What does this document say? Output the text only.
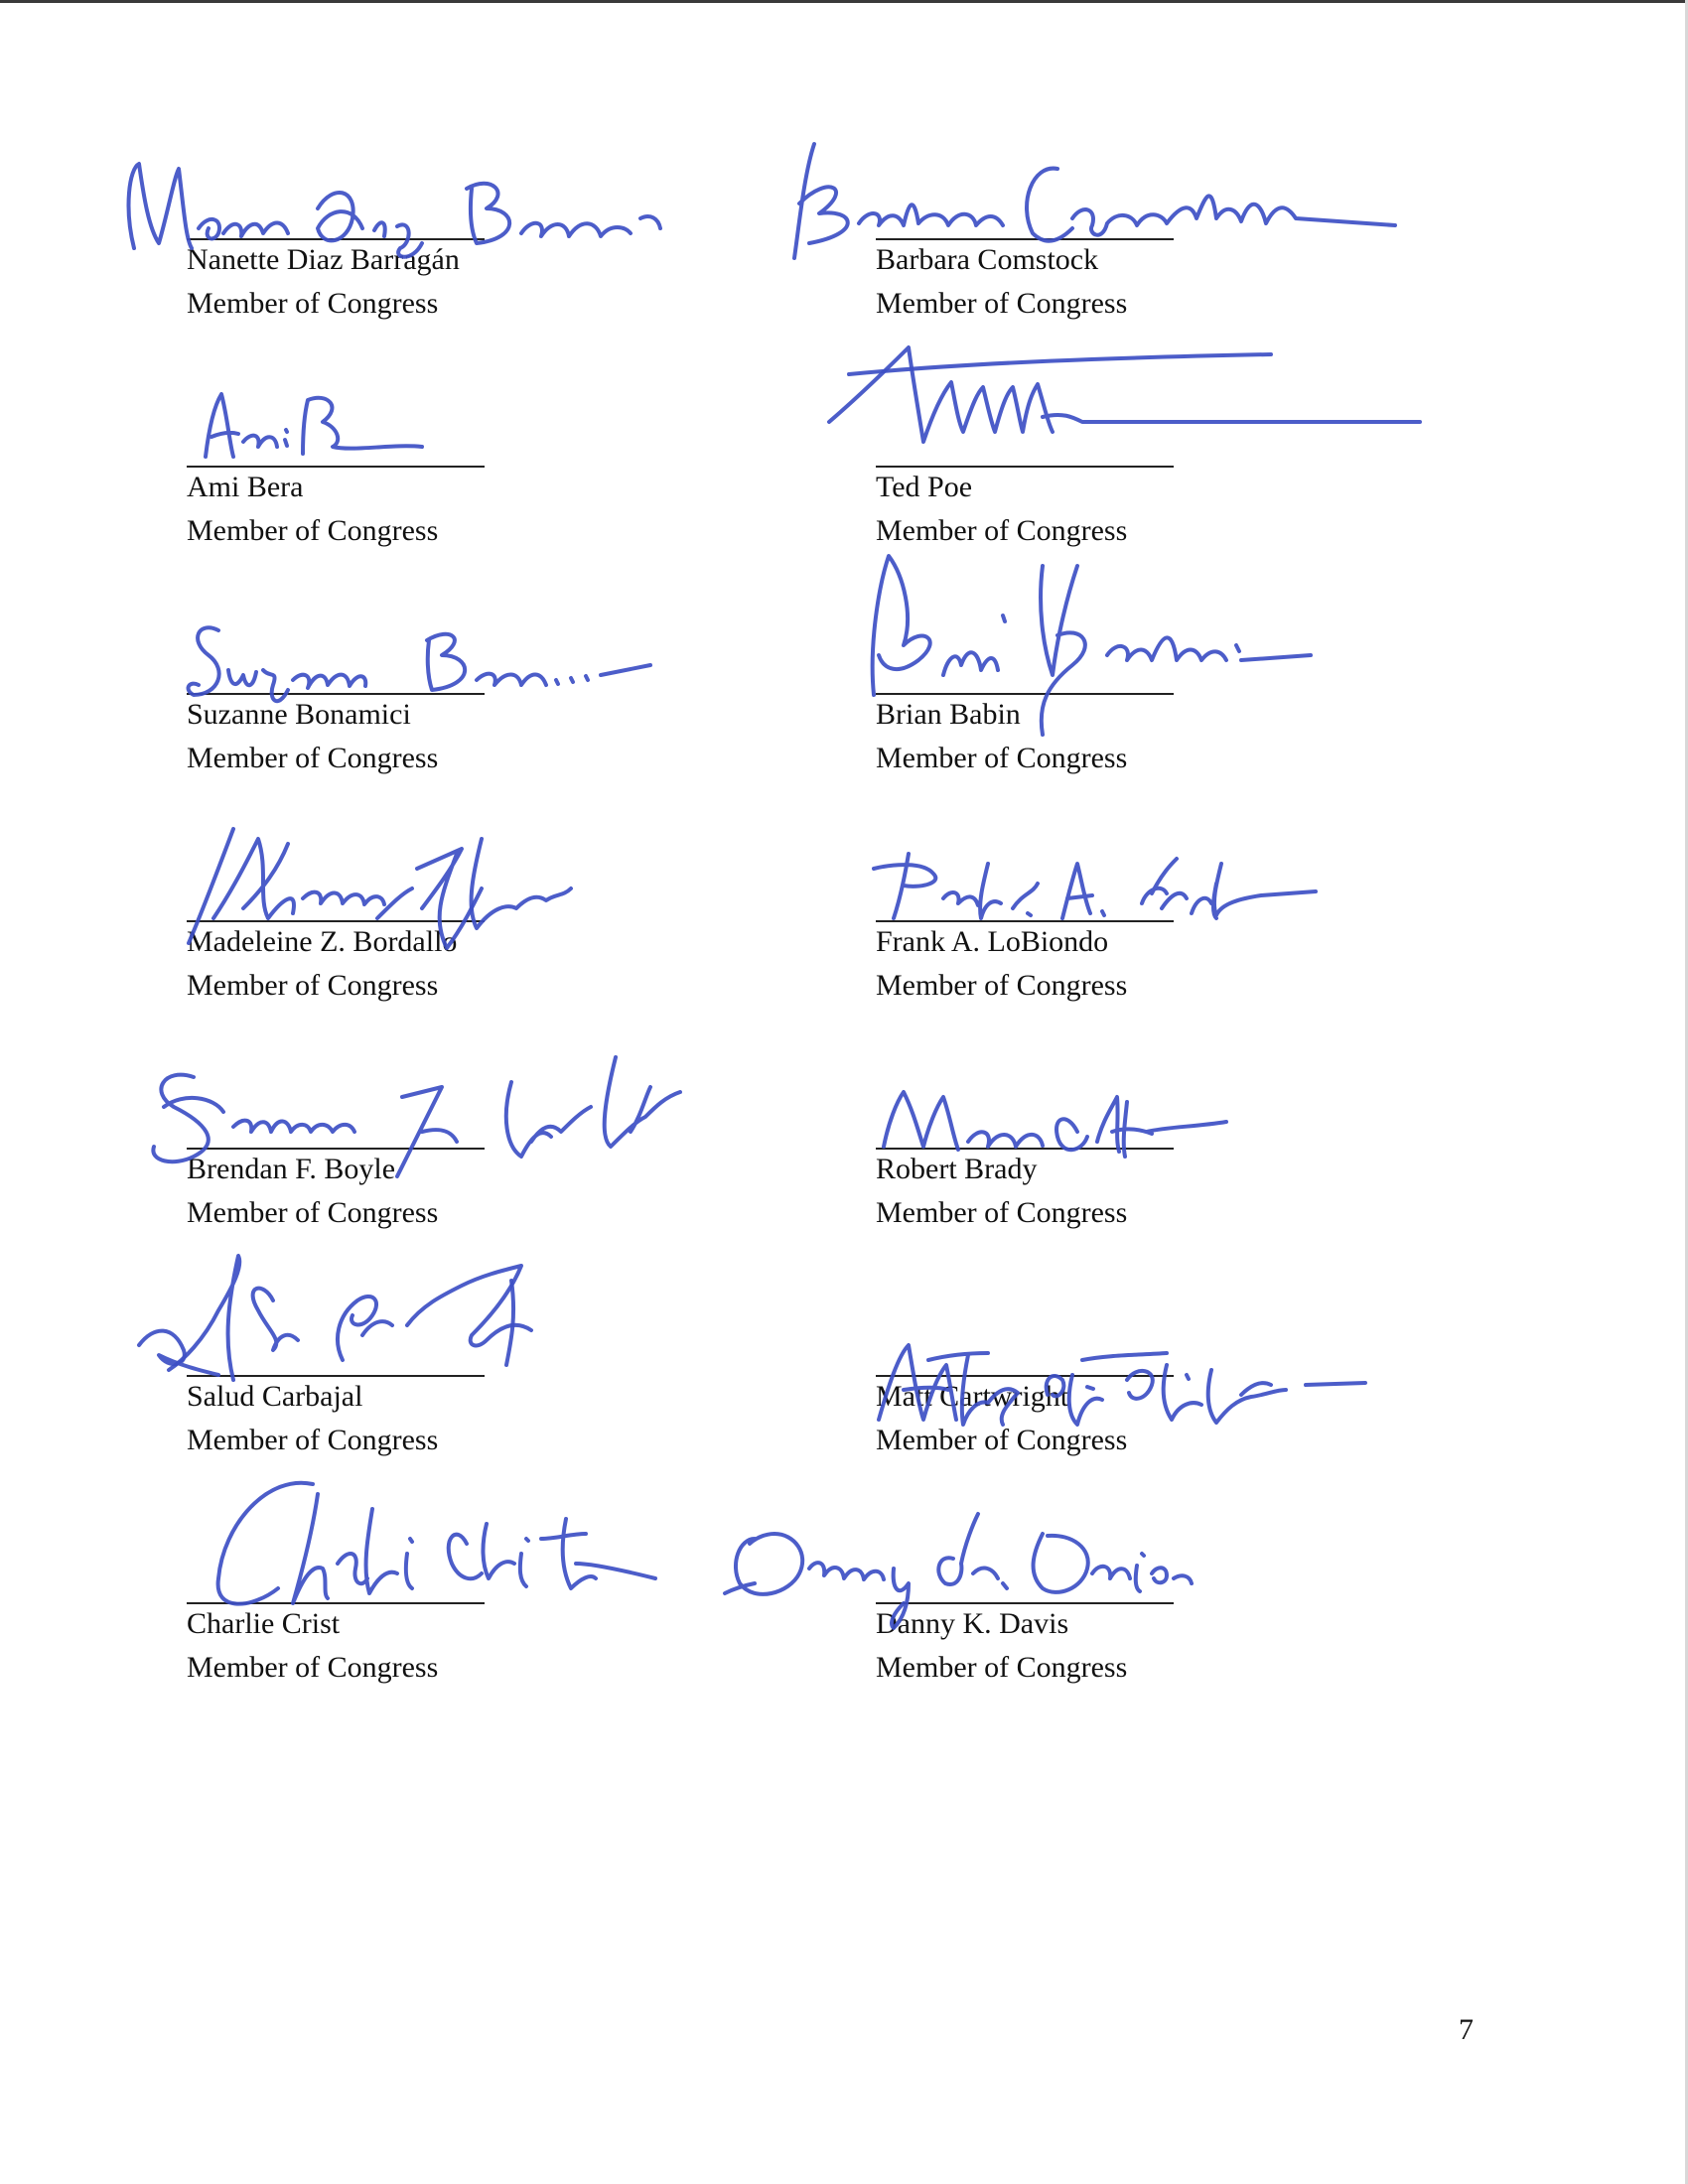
Nanette Diaz Barragán
Member of Congress
Barbara Comstock
Member of Congress
Ami Bera
Member of Congress
Ted Poe
Member of Congress
Suzanne Bonamici
Member of Congress
Brian Babin
Member of Congress
Madeleine Z. Bordallo
Member of Congress
Frank A. LoBiondo
Member of Congress
Brendan F. Boyle
Member of Congress
Robert Brady
Member of Congress
Salud Carbajal
Member of Congress
Matt Cartwright
Member of Congress
Charlie Crist
Member of Congress
Danny K. Davis
Member of Congress
7
